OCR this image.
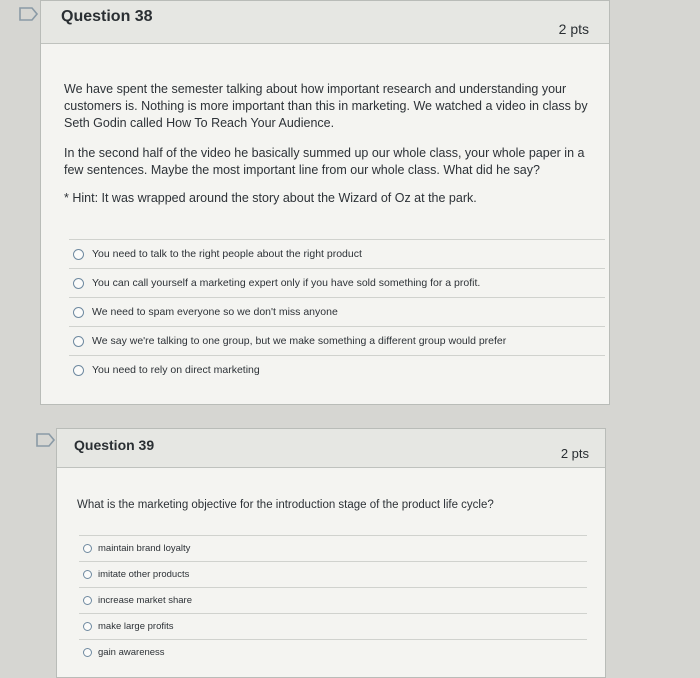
Question 38
2 pts

We have spent the semester talking about how important research and understanding your customers is. Nothing is more important than this in marketing. We watched a video in class by Seth Godin called How To Reach Your Audience.

In the second half of the video he basically summed up our whole class, your whole paper in a few sentences. Maybe the most important line from our whole class. What did he say?

* Hint: It was wrapped around the story about the Wizard of Oz at the park.

You need to talk to the right people about the right product
You can call yourself a marketing expert only if you have sold something for a profit.
We need to spam everyone so we don't miss anyone
We say we're talking to one group, but we make something a different group would prefer
You need to rely on direct marketing
Question 39
2 pts

What is the marketing objective for the introduction stage of the product life cycle?

maintain brand loyalty
imitate other products
increase market share
make large profits
gain awareness
